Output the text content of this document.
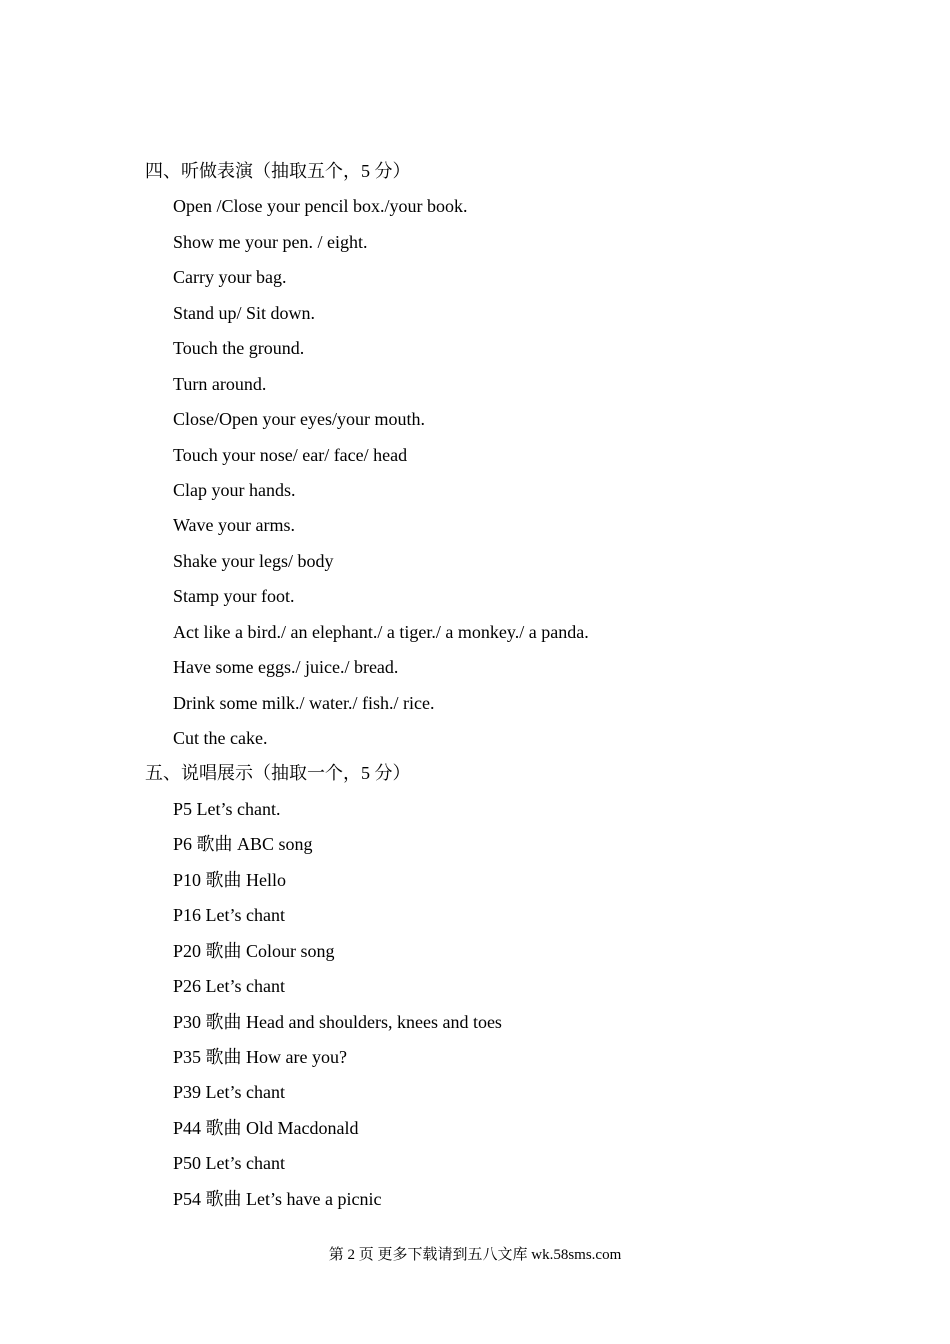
四、听做表演（抽取五个，5 分）
Open /Close your pencil box./your book.
Show me your pen. / eight.
Carry your bag.
Stand up/ Sit down.
Touch the ground.
Turn around.
Close/Open your eyes/your mouth.
Touch your nose/ ear/ face/ head
Clap your hands.
Wave your arms.
Shake your legs/ body
Stamp your foot.
Act like a bird./ an elephant./ a tiger./ a monkey./ a panda.
Have some eggs./ juice./ bread.
Drink some milk./ water./ fish./ rice.
Cut the cake.
五、说唱展示（抽取一个，5 分）
P5 Let’s chant.
P6 歌曲 ABC song
P10 歌曲 Hello
P16 Let’s chant
P20 歌曲 Colour song
P26 Let’s chant
P30 歌曲 Head and shoulders, knees and toes
P35 歌曲 How are you?
P39 Let’s chant
P44 歌曲 Old Macdonald
P50 Let’s chant
P54 歌曲 Let’s have a picnic
第 2 页 更多下载请到五八文库 wk.58sms.com
